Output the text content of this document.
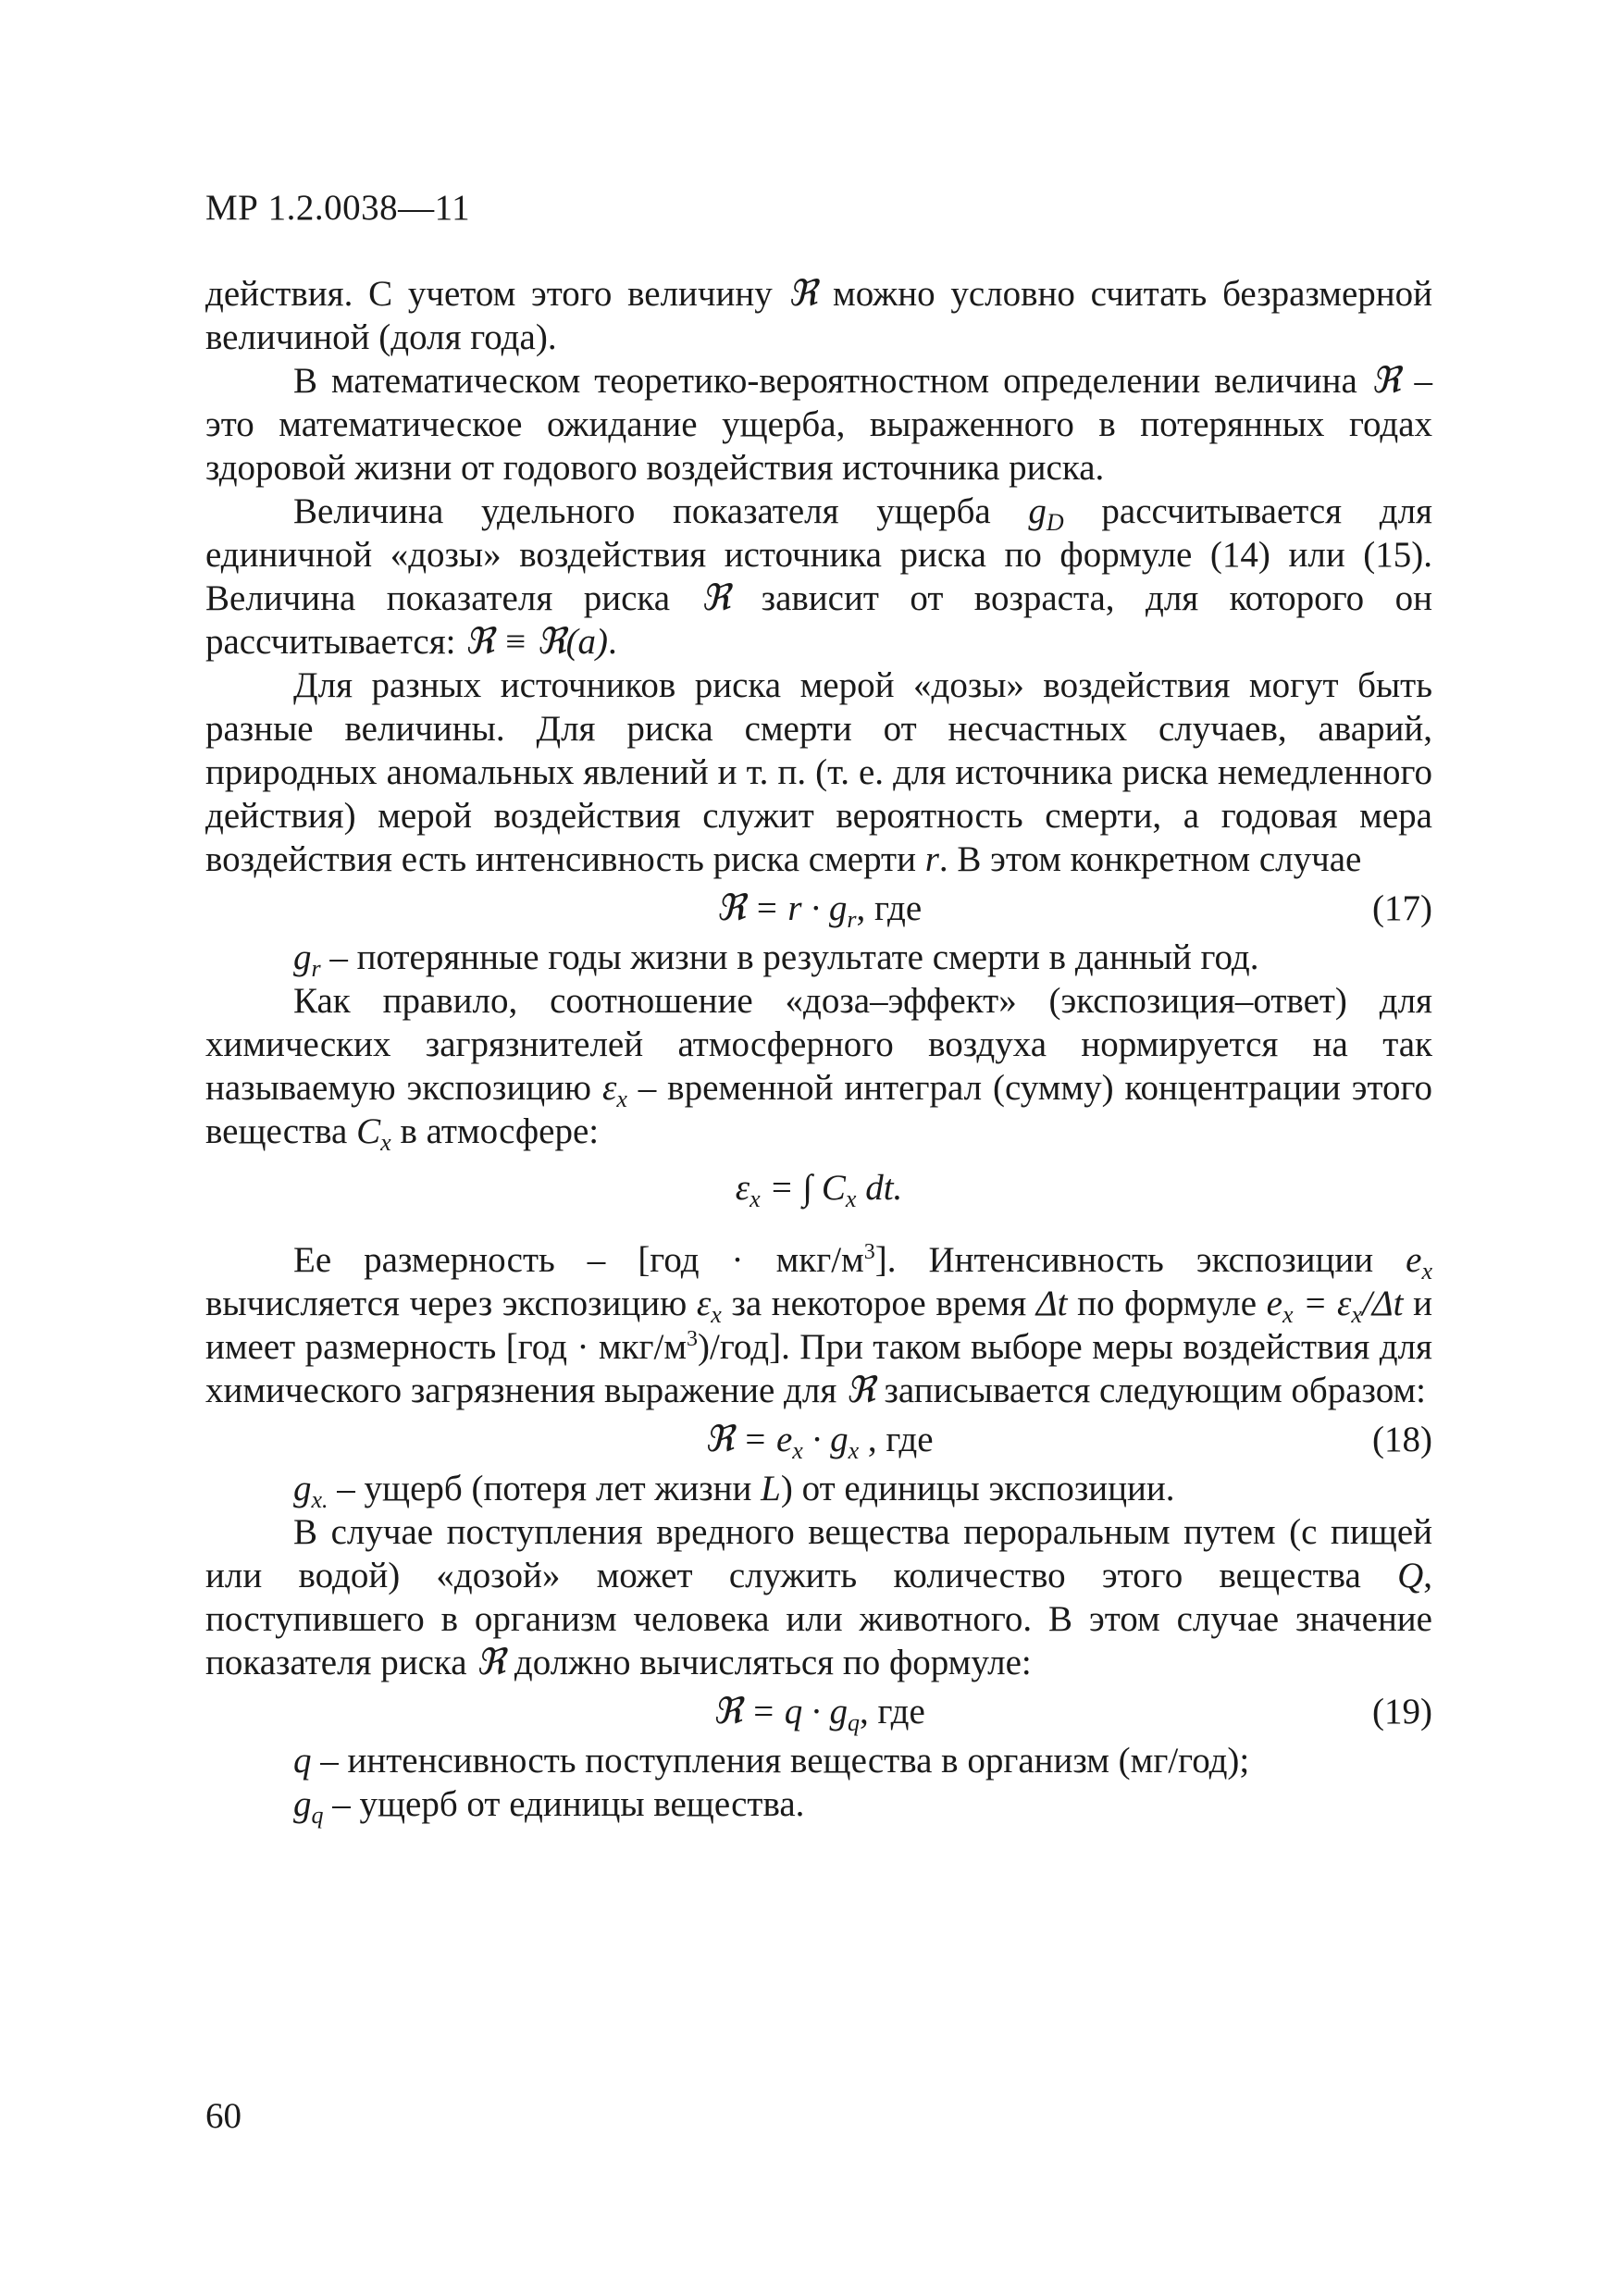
МР 1.2.0038—11

действия. С учетом этого величину ℜ можно условно считать безразмерной величиной (доля года).

В математическом теоретико-вероятностном определении величина ℜ – это математическое ожидание ущерба, выраженного в потерянных годах здоровой жизни от годового воздействия источника риска.

Величина удельного показателя ущерба $g_D$ рассчитывается для единичной «дозы» воздействия источника риска по формуле (14) или (15). Величина показателя риска ℜ зависит от возраста, для которого он рассчитывается: ℜ ≡ ℜ(a).

Для разных источников риска мерой «дозы» воздействия могут быть разные величины. Для риска смерти от несчастных случаев, аварий, природных аномальных явлений и т. п. (т. е. для источника риска немедленного действия) мерой воздействия служит вероятность смерти, а годовая мера воздействия есть интенсивность риска смерти r. В этом конкретном случае

ℜ = $r \cdot g_r$, где	(17)

$g_r$ – потерянные годы жизни в результате смерти в данный год.

Как правило, соотношение «доза–эффект» (экспозиция–ответ) для химических загрязнителей атмосферного воздуха нормируется на так называемую экспозицию $\varepsilon_x$ – временной интеграл (сумму) концентрации этого вещества $C_x$ в атмосфере:

$\varepsilon_x$ = ∫ $C_x$ dt.

Ее размерность – [год · мкг/$м^3$]. Интенсивность экспозиции $e_x$ вычисляется через экспозицию $\varepsilon_x$ за некоторое время Δt по формуле $e_x = \varepsilon_x/\Delta t$ и имеет размерность [год · мкг/$м^3)/год$]. При таком выборе меры воздействия для химического загрязнения выражение для ℜ записывается следующим образом:

ℜ = $e_x \cdot g_x$ , где	(18)

$g_{x.}$ – ущерб (потеря лет жизни L) от единицы экспозиции.

В случае поступления вредного вещества пероральным путем (с пищей или водой) «дозой» может служить количество этого вещества Q, поступившего в организм человека или животного. В этом случае значение показателя риска ℜ должно вычисляться по формуле:

ℜ = $q \cdot g_q$, где	(19)

q – интенсивность поступления вещества в организм (мг/год);

$g_q$ – ущерб от единицы вещества.

60
